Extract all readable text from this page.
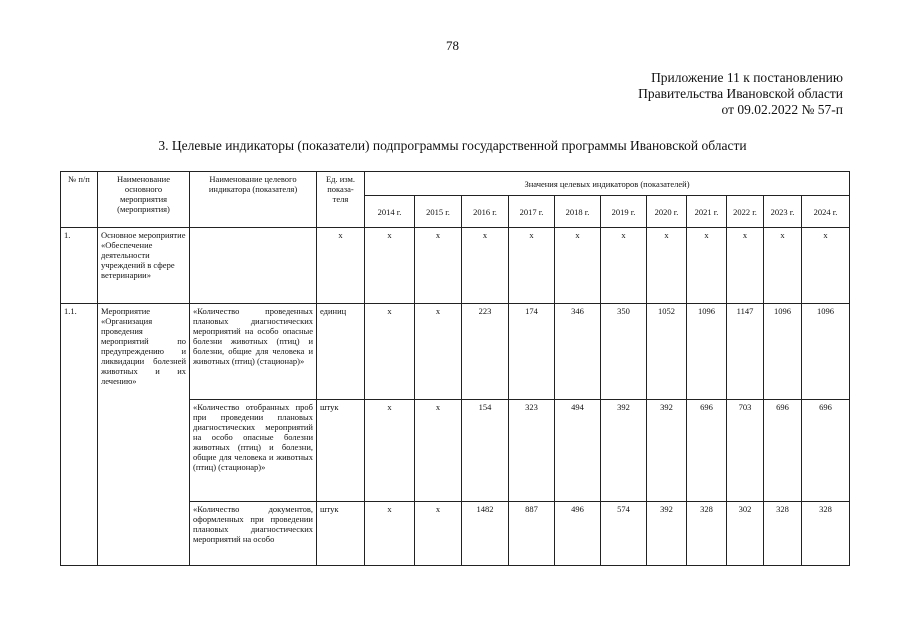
78
Приложение 11 к постановлению
Правительства Ивановской области
от 09.02.2022 № 57-п
3. Целевые индикаторы (показатели) подпрограммы государственной программы Ивановской области
№ п/п	Наименование основного мероприятия (мероприятия)	Наименование целевого индикатора (показателя)	Ед. изм. показа-теля	Значения целевых индикаторов (показателей)										
				2014 г.	2015 г.	2016 г.	2017 г.	2018 г.	2019 г.	2020 г.	2021 г.	2022 г.	2023 г.	2024 г.
1.	Основное мероприятие «Обеспечение деятельности учреждений в сфере ветеринарии»		х	х	х	х	х	х	х	х	х	х	х	х
1.1.	Мероприятие «Организация проведения мероприятий по предупреждению и ликвидации болезней животных и их лечению»	«Количество проведенных плановых диагностических мероприятий на особо опасные болезни животных (птиц) и болезни, общие для человека и животных (птиц) (стационар)»	единиц	х	х	223	174	346	350	1052	1096	1147	1096	1096
		«Количество отобранных проб при проведении плановых диагностических мероприятий на особо опасные болезни животных (птиц) и болезни, общие для человека и животных (птиц) (стационар)»	штук	х	х	154	323	494	392	392	696	703	696	696
		«Количество документов, оформленных при проведении плановых диагностических мероприятий на особо	штук	х	х	1482	887	496	574	392	328	302	328	328
